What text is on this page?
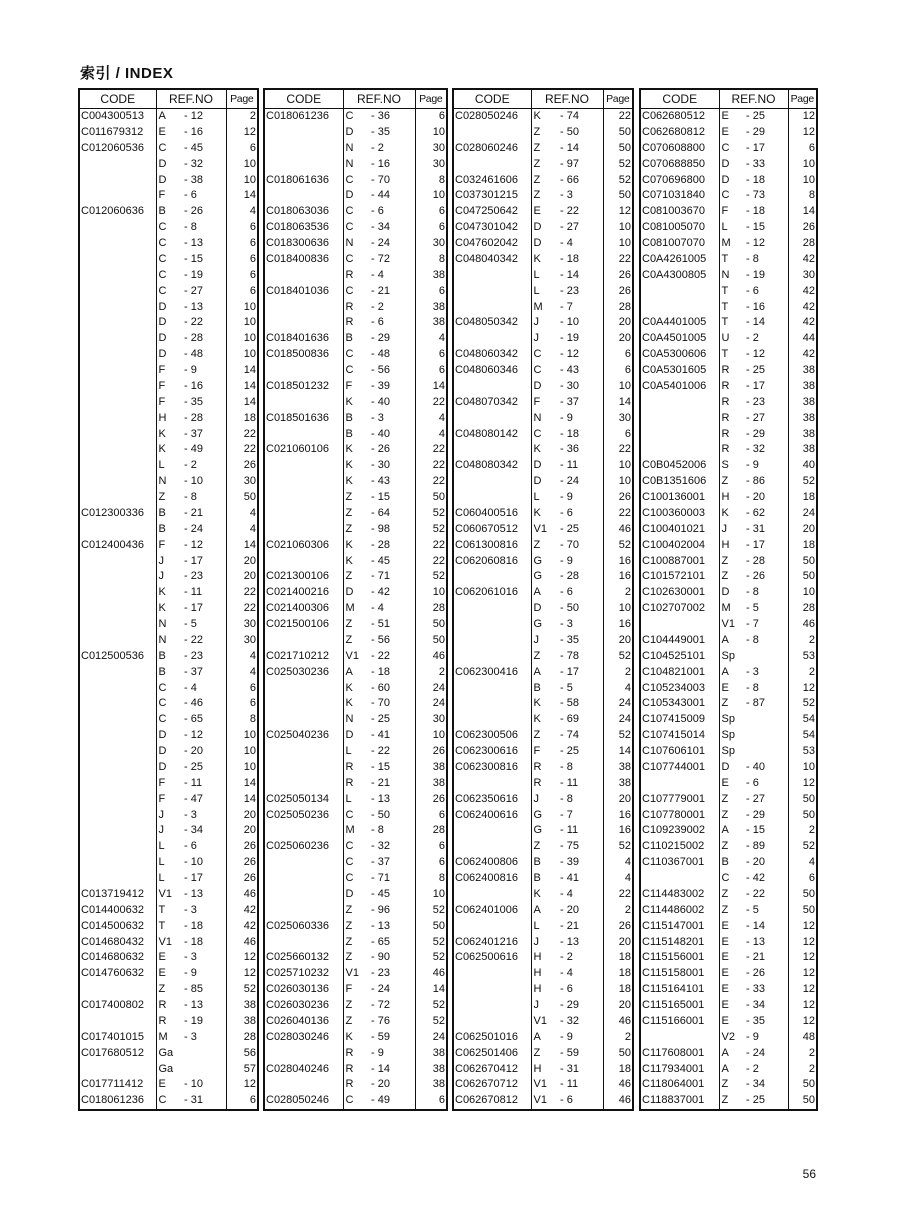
索引 / INDEX
CODE	REF.NO		Page
C004300513	A	- 12	2
C011679312	E	- 16	12
C012060536	C	- 45	6
	D	- 32	10
	D	- 38	10
	F	- 6	14
C012060636	B	- 26	4
	C	- 8	6
	C	- 13	6
	C	- 15	6
	C	- 19	6
	C	- 27	6
	D	- 13	10
	D	- 22	10
	D	- 28	10
	D	- 48	10
	F	- 9	14
	F	- 16	14
	F	- 35	14
	H	- 28	18
	K	- 37	22
	K	- 49	22
	L	- 2	26
	N	- 10	30
	Z	- 8	50
C012300336	B	- 21	4
	B	- 24	4
C012400436	F	- 12	14
	J	- 17	20
	J	- 23	20
	K	- 11	22
	K	- 17	22
	N	- 5	30
	N	- 22	30
C012500536	B	- 23	4
	B	- 37	4
	C	- 4	6
	C	- 46	6
	C	- 65	8
	D	- 12	10
	D	- 20	10
	D	- 25	10
	F	- 11	14
	F	- 47	14
	J	- 3	20
	J	- 34	20
	L	- 6	26
	L	- 10	26
	L	- 17	26
C013719412	V1	- 13	46
C014400632	T	- 3	42
C014500632	T	- 18	42
C014680432	V1	- 18	46
C014680632	E	- 3	12
C014760632	E	- 9	12
	Z	- 85	52
C017400802	R	- 13	38
	R	- 19	38
C017401015	M	- 3	28
C017680512	Ga		56
	Ga		57
C017711412	E	- 10	12
C018061236	C	- 31	6
CODE	REF.NO		Page
C018061236	C	- 36	6
	D	- 35	10
	N	- 2	30
	N	- 16	30
C018061636	C	- 70	8
	D	- 44	10
C018063036	C	- 6	6
C018063536	C	- 34	6
C018300636	N	- 24	30
C018400836	C	- 72	8
	R	- 4	38
C018401036	C	- 21	6
	R	- 2	38
	R	- 6	38
C018401636	B	- 29	4
C018500836	C	- 48	6
	C	- 56	6
C018501232	F	- 39	14
	K	- 40	22
C018501636	B	- 3	4
	B	- 40	4
C021060106	K	- 26	22
	K	- 30	22
	K	- 43	22
	Z	- 15	50
	Z	- 64	52
	Z	- 98	52
C021060306	K	- 28	22
	K	- 45	22
C021300106	Z	- 71	52
C021400216	D	- 42	10
C021400306	M	- 4	28
C021500106	Z	- 51	50
	Z	- 56	50
C021710212	V1	- 22	46
C025030236	A	- 18	2
	K	- 60	24
	K	- 70	24
	N	- 25	30
C025040236	D	- 41	10
	L	- 22	26
	R	- 15	38
	R	- 21	38
C025050134	L	- 13	26
C025050236	C	- 50	6
	M	- 8	28
C025060236	C	- 32	6
	C	- 37	6
	C	- 71	8
	D	- 45	10
	Z	- 96	52
C025060336	Z	- 13	50
	Z	- 65	52
C025660132	Z	- 90	52
C025710232	V1	- 23	46
C026030136	F	- 24	14
C026030236	Z	- 72	52
C026040136	Z	- 76	52
C028030246	K	- 59	24
	R	- 9	38
C028040246	R	- 14	38
	R	- 20	38
C028050246	C	- 49	6
CODE	REF.NO		Page
C028050246	K	- 74	22
	Z	- 50	50
C028060246	Z	- 14	50
	Z	- 97	52
C032461606	Z	- 66	52
C037301215	Z	- 3	50
C047250642	E	- 22	12
C047301042	D	- 27	10
C047602042	D	- 4	10
C048040342	K	- 18	22
	L	- 14	26
	L	- 23	26
	M	- 7	28
C048050342	J	- 10	20
	J	- 19	20
C048060342	C	- 12	6
C048060346	C	- 43	6
	D	- 30	10
C048070342	F	- 37	14
	N	- 9	30
C048080142	C	- 18	6
	K	- 36	22
C048080342	D	- 11	10
	D	- 24	10
	L	- 9	26
C060400516	K	- 6	22
C060670512	V1	- 25	46
C061300816	Z	- 70	52
C062060816	G	- 9	16
	G	- 28	16
C062061016	A	- 6	2
	D	- 50	10
	G	- 3	16
	J	- 35	20
	Z	- 78	52
C062300416	A	- 17	2
	B	- 5	4
	K	- 58	24
	K	- 69	24
C062300506	Z	- 74	52
C062300616	F	- 25	14
C062300816	R	- 8	38
	R	- 11	38
C062350616	J	- 8	20
C062400616	G	- 7	16
	G	- 11	16
	Z	- 75	52
C062400806	B	- 39	4
C062400816	B	- 41	4
	K	- 4	22
C062401006	A	- 20	2
	L	- 21	26
C062401216	J	- 13	20
C062500616	H	- 2	18
	H	- 4	18
	H	- 6	18
	J	- 29	20
	V1	- 32	46
C062501016	A	- 9	2
C062501406	Z	- 59	50
C062670412	H	- 31	18
C062670712	V1	- 11	46
C062670812	V1	- 6	46
CODE	REF.NO		Page
C062680512	E	- 25	12
C062680812	E	- 29	12
C070608800	C	- 17	6
C070688850	D	- 33	10
C070696800	D	- 18	10
C071031840	C	- 73	8
C081003670	F	- 18	14
C081005070	L	- 15	26
C081007070	M	- 12	28
C0A4261005	T	- 8	42
C0A4300805	N	- 19	30
	T	- 6	42
	T	- 16	42
C0A4401005	T	- 14	42
C0A4501005	U	- 2	44
C0A5300606	T	- 12	42
C0A5301605	R	- 25	38
C0A5401006	R	- 17	38
	R	- 23	38
	R	- 27	38
	R	- 29	38
	R	- 32	38
C0B0452006	S	- 9	40
C0B1351606	Z	- 86	52
C100136001	H	- 20	18
C100360003	K	- 62	24
C100401021	J	- 31	20
C100402004	H	- 17	18
C100887001	Z	- 28	50
C101572101	Z	- 26	50
C102630001	D	- 8	10
C102707002	M	- 5	28
	V1	- 7	46
C104449001	A	- 8	2
C104525101	Sp		53
C104821001	A	- 3	2
C105234003	E	- 8	12
C105343001	Z	- 87	52
C107415009	Sp		54
C107415014	Sp		54
C107606101	Sp		53
C107744001	D	- 40	10
	E	- 6	12
C107779001	Z	- 27	50
C107780001	Z	- 29	50
C109239002	A	- 15	2
C110215002	Z	- 89	52
C110367001	B	- 20	4
	C	- 42	6
C114483002	Z	- 22	50
C114486002	Z	- 5	50
C115147001	E	- 14	12
C115148201	E	- 13	12
C115156001	E	- 21	12
C115158001	E	- 26	12
C115164101	E	- 33	12
C115165001	E	- 34	12
C115166001	E	- 35	12
	V2	- 9	48
C117608001	A	- 24	2
C117934001	A	- 2	2
C118064001	Z	- 34	50
C118837001	Z	- 25	50
56
